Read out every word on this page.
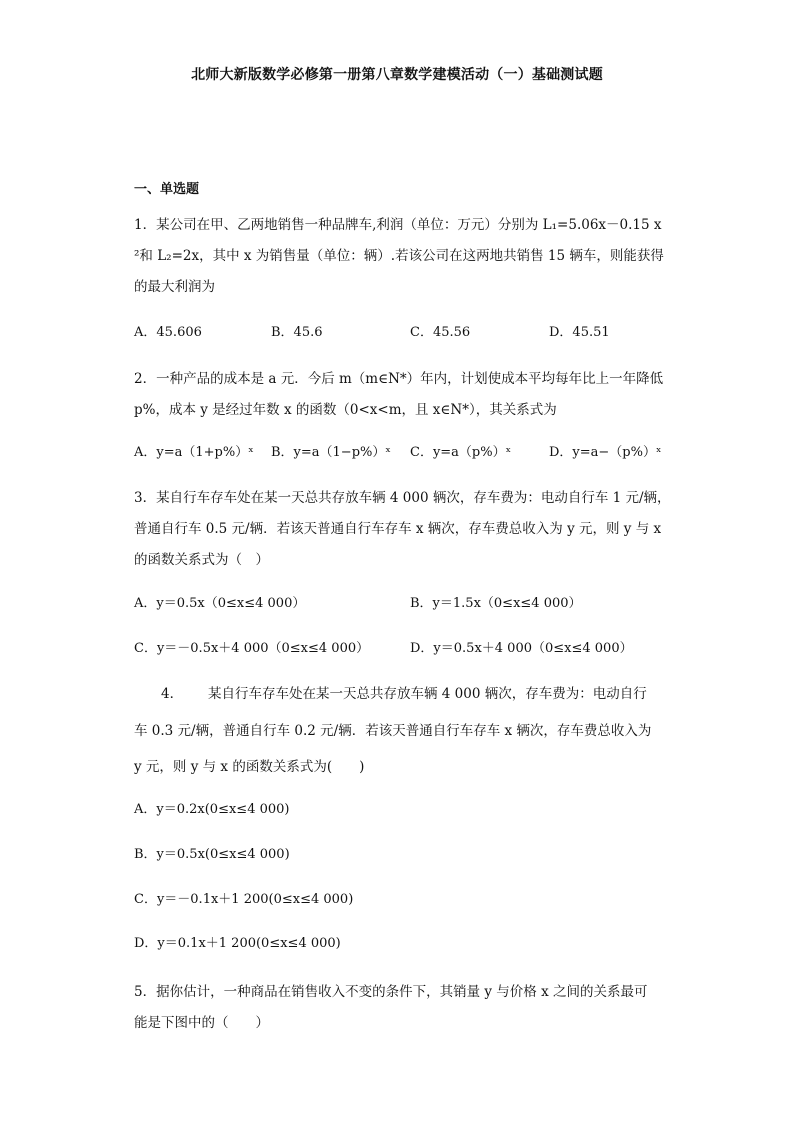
北师大新版数学必修第一册第八章数学建模活动（一）基础测试题
一、单选题
1．某公司在甲、乙两地销售一种品牌车,利润（单位：万元）分别为 L₁=5.06x－0.15 x
²和 L₂=2x，其中 x 为销售量（单位：辆）.若该公司在这两地共销售 15 辆车，则能获得
的最大利润为
A．45.606	B．45.6	C．45.56	D．45.51
2．一种产品的成本是 a 元．今后 m（m∈N*）年内，计划使成本平均每年比上一年降低
p%，成本 y 是经过年数 x 的函数（0<x<m，且 x∈N*），其关系式为
A．y=a（1+p%）ˣ B．y=a（1−p%）ˣ C．y=a（p%）ˣ	D．y=a−（p%）ˣ
3．某自行车存车处在某一天总共存放车辆 4 000 辆次，存车费为：电动自行车 1 元/辆，
普通自行车 0.5 元/辆．若该天普通自行车存车 x 辆次，存车费总收入为 y 元，则 y 与 x
的函数关系式为（　）
A．y＝0.5x（0≤x≤4 000）	B．y＝1.5x（0≤x≤4 000）
C．y＝－0.5x＋4 000（0≤x≤4 000）	D．y＝0.5x＋4 000（0≤x≤4 000）
4． 某自行车存车处在某一天总共存放车辆 4 000 辆次，存车费为：电动自行
车 0.3 元/辆，普通自行车 0.2 元/辆．若该天普通自行车存车 x 辆次，存车费总收入为
y 元，则 y 与 x 的函数关系式为(　　)
A．y＝0.2x(0≤x≤4 000)
B．y＝0.5x(0≤x≤4 000)
C．y＝－0.1x＋1 200(0≤x≤4 000)
D．y＝0.1x＋1 200(0≤x≤4 000)
5．据你估计，一种商品在销售收入不变的条件下，其销量 y 与价格 x 之间的关系最可
能是下图中的（　　）
